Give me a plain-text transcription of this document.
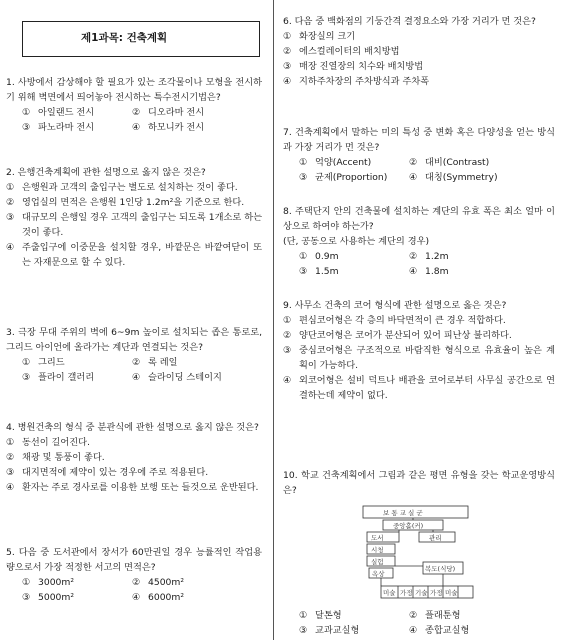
제1과목: 건축계획
1. 사방에서 감상해야 할 필요가 있는 조각물이나 모형을 전시하기 위해 벽면에서 띄어놓아 전시하는 특수전시기법은?
① 아일랜드 전시	② 디오라마 전시
③ 파노라마 전시	④ 하모니카 전시
2. 은행건축계획에 관한 설명으로 옳지 않은 것은?
① 은행원과 고객의 출입구는 별도로 설치하는 것이 좋다.
② 영업실의 면적은 은행원 1인당 1.2m²을 기준으로 한다.
③ 대규모의 은행일 경우 고객의 출입구는 되도록 1개소로 하는 것이 좋다.
④ 주출입구에 이중문을 설치할 경우, 바깥문은 바깥여닫이 또는 자재문으로 할 수 있다.
3. 극장 무대 주위의 벽에 6~9m 높이로 설치되는 좁은 통로로, 그리드 아이언에 올라가는 계단과 연결되는 것은?
① 그리드	② 록 레일
③ 플라이 갤러리	④ 슬라이딩 스테이지
4. 병원건축의 형식 중 분관식에 관한 설명으로 옳지 않은 것은?
① 동선이 길어진다.
② 채광 및 통풍이 좋다.
③ 대지면적에 제약이 있는 경우에 주로 적용된다.
④ 환자는 주로 경사로를 이용한 보행 또는 들것으로 운반된다.
5. 다음 중 도서관에서 장서가 60만권일 경우 능률적인 작업용량으로서 가장 적정한 서고의 면적은?
① 3000m²	② 4500m²
③ 5000m²	④ 6000m²
6. 다음 중 백화점의 기둥간격 결정요소와 가장 거리가 먼 것은?
① 화장실의 크기
② 에스컬레이터의 배치방법
③ 매장 진열장의 치수와 배치방법
④ 지하주차장의 주차방식과 주차폭
7. 건축계획에서 말하는 미의 특성 중 변화 혹은 다양성을 얻는 방식과 가장 거리가 먼 것은?
① 억양(Accent)	② 대비(Contrast)
③ 균제(Proportion)	④ 대칭(Symmetry)
8. 주택단지 안의 건축물에 설치하는 계단의 유효 폭은 최소 얼마 이상으로 하여야 하는가?
(단, 공동으로 사용하는 계단의 경우)
① 0.9m	② 1.2m
③ 1.5m	④ 1.8m
9. 사무소 건축의 코어 형식에 관한 설명으로 옳은 것은?
① 편심코어형은 각 층의 바닥면적이 큰 경우 적합하다.
② 양단코어형은 코어가 분산되어 있어 피난상 불리하다.
③ 중심코어형은 구조적으로 바람직한 형식으로 유효율이 높은 계획이 가능하다.
④ 외코어형은 설비 덕트나 배관을 코어로부터 사무실 공간으로 연결하는데 제약이 없다.
10. 학교 건축계획에서 그림과 같은 평면 유형을 갖는 학교운영방식은?
보 통 교 실 군
중앙홀(커)
도서	관리
시청
실험
옥상
복도(식당)
미술 가정 기술 가정 미술
① 달톤형	② 플래툰형
③ 교과교실형	④ 종합교실형
